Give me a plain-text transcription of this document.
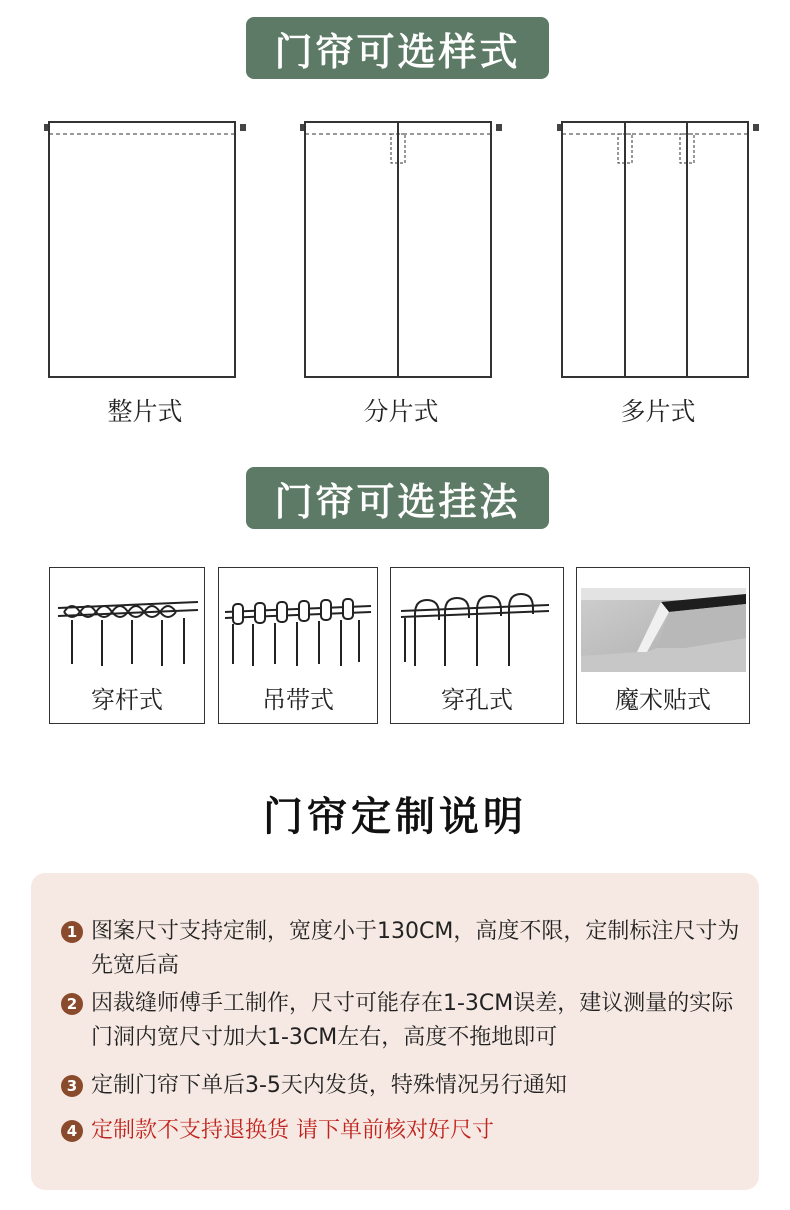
门帘可选样式
整片式	分片式	多片式
门帘可选挂法
穿杆式	吊带式	穿孔式	魔术贴式
门帘定制说明
1 图案尺寸支持定制，宽度小于130CM，高度不限，定制标注尺寸为先宽后高
2 因裁缝师傅手工制作，尺寸可能存在1-3CM误差，建议测量的实际门洞内宽尺寸加大1-3CM左右，高度不拖地即可
3 定制门帘下单后3-5天内发货，特殊情况另行通知
4 定制款不支持退换货 请下单前核对好尺寸
